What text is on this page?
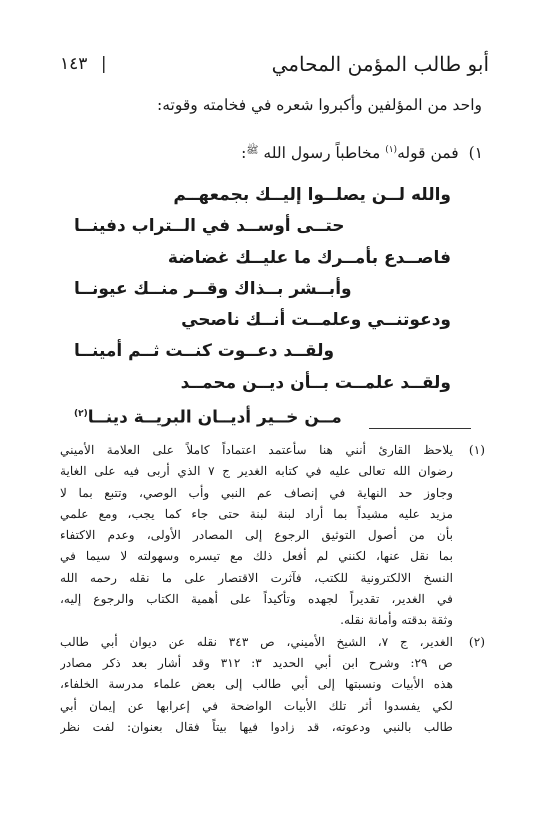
أبو طالب المؤمن المحامي
١٤٣ |
واحد من المؤلفين وأكبروا شعره في فخامته وقوته:
١)فمن قوله$^{(١)}$ مخاطباً رسول الله $^ﷺ$:
والله لــن يصلــوا إليــك بجمعهــم
حتــى أوســد في الــتراب دفينــا
فاصــدع بأمــرك ما عليــك غضاضة
وأبــشر بــذاك وقــر منــك عيونــا
ودعوتنــي وعلمــت أنــك ناصحي
ولقــد دعــوت كنــت ثــم أمينــا
ولقــد علمــت بــأن ديــن محمــد
مــن خــير أديــان البريــة دينــا$^{(٢)}$
(١)
يلاحظ القارئ أنني هنا سأعتمد اعتماداً كاملاً على العلامة الأميني
رضوان الله تعالى عليه في كتابه الغدير ج ٧ الذي أربى فيه على الغاية
وجاوز حد النهاية في إنصاف عم النبي وأب الوصي، وتتبع بما لا
مزيد عليه مشيداً بما أراد لبنة لبنة حتى جاء كما يجب، ومع علمي
بأن من أصول التوثيق الرجوع إلى المصادر الأولى، وعدم الاكتفاء
بما نقل عنها، لكنني لم أفعل ذلك مع تيسره وسهولته لا سيما في
النسخ الالكترونية للكتب، فآثرت الاقتصار على ما نقله رحمه الله
في الغدير، تقديراً لجهده وتأكيداً على أهمية الكتاب والرجوع إليه،
وثقة بدقته وأمانة نقله.
(٢)
الغدير، ج ٧، الشيخ الأميني، ص ٣٤٣ نقله عن ديوان أبي طالب
ص ٢٩: وشرح ابن أبي الحديد ٣: ٣١٢ وقد أشار بعد ذكر مصادر
هذه الأبيات ونسبتها إلى أبي طالب إلى بعض علماء مدرسة الخلفاء،
لكي يفسدوا أثر تلك الأبيات الواضحة في إعرابها عن إيمان أبي
طالب بالنبي ودعوته، قد زادوا فيها بيتاً فقال بعنوان: لفت نظر
